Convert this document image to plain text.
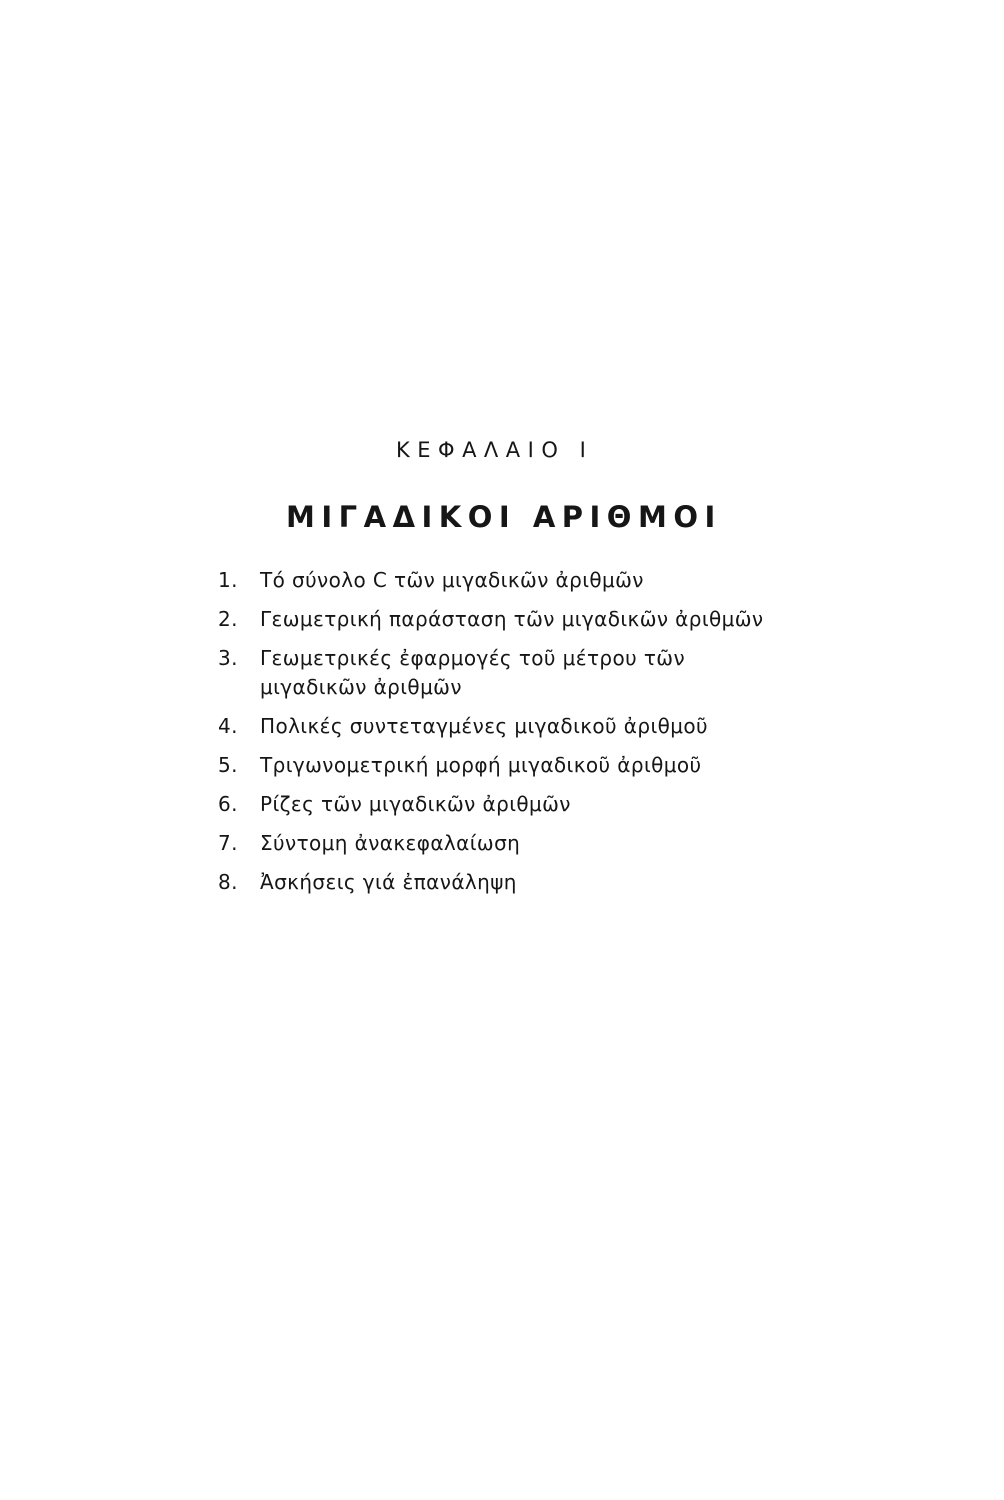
ΚΕΦΑΛΑΙΟ Ι
ΜΙΓΑΔΙΚΟΙ ΑΡΙΘΜΟΙ
1.	Τό σύνολο C τῶν μιγαδικῶν ἀριθμῶν
2.	Γεωμετρική παράσταση τῶν μιγαδικῶν ἀριθμῶν
3.	Γεωμετρικές ἐφαρμογές τοῦ μέτρου τῶν μιγαδικῶν ἀριθμῶν
4.	Πολικές συντεταγμένες μιγαδικοῦ ἀριθμοῦ
5.	Τριγωνομετρική μορφή μιγαδικοῦ ἀριθμοῦ
6.	Ρίζες τῶν μιγαδικῶν ἀριθμῶν
7.	Σύντομη ἀνακεφαλαίωση
8.	Ἀσκήσεις γιά ἐπανάληψη
